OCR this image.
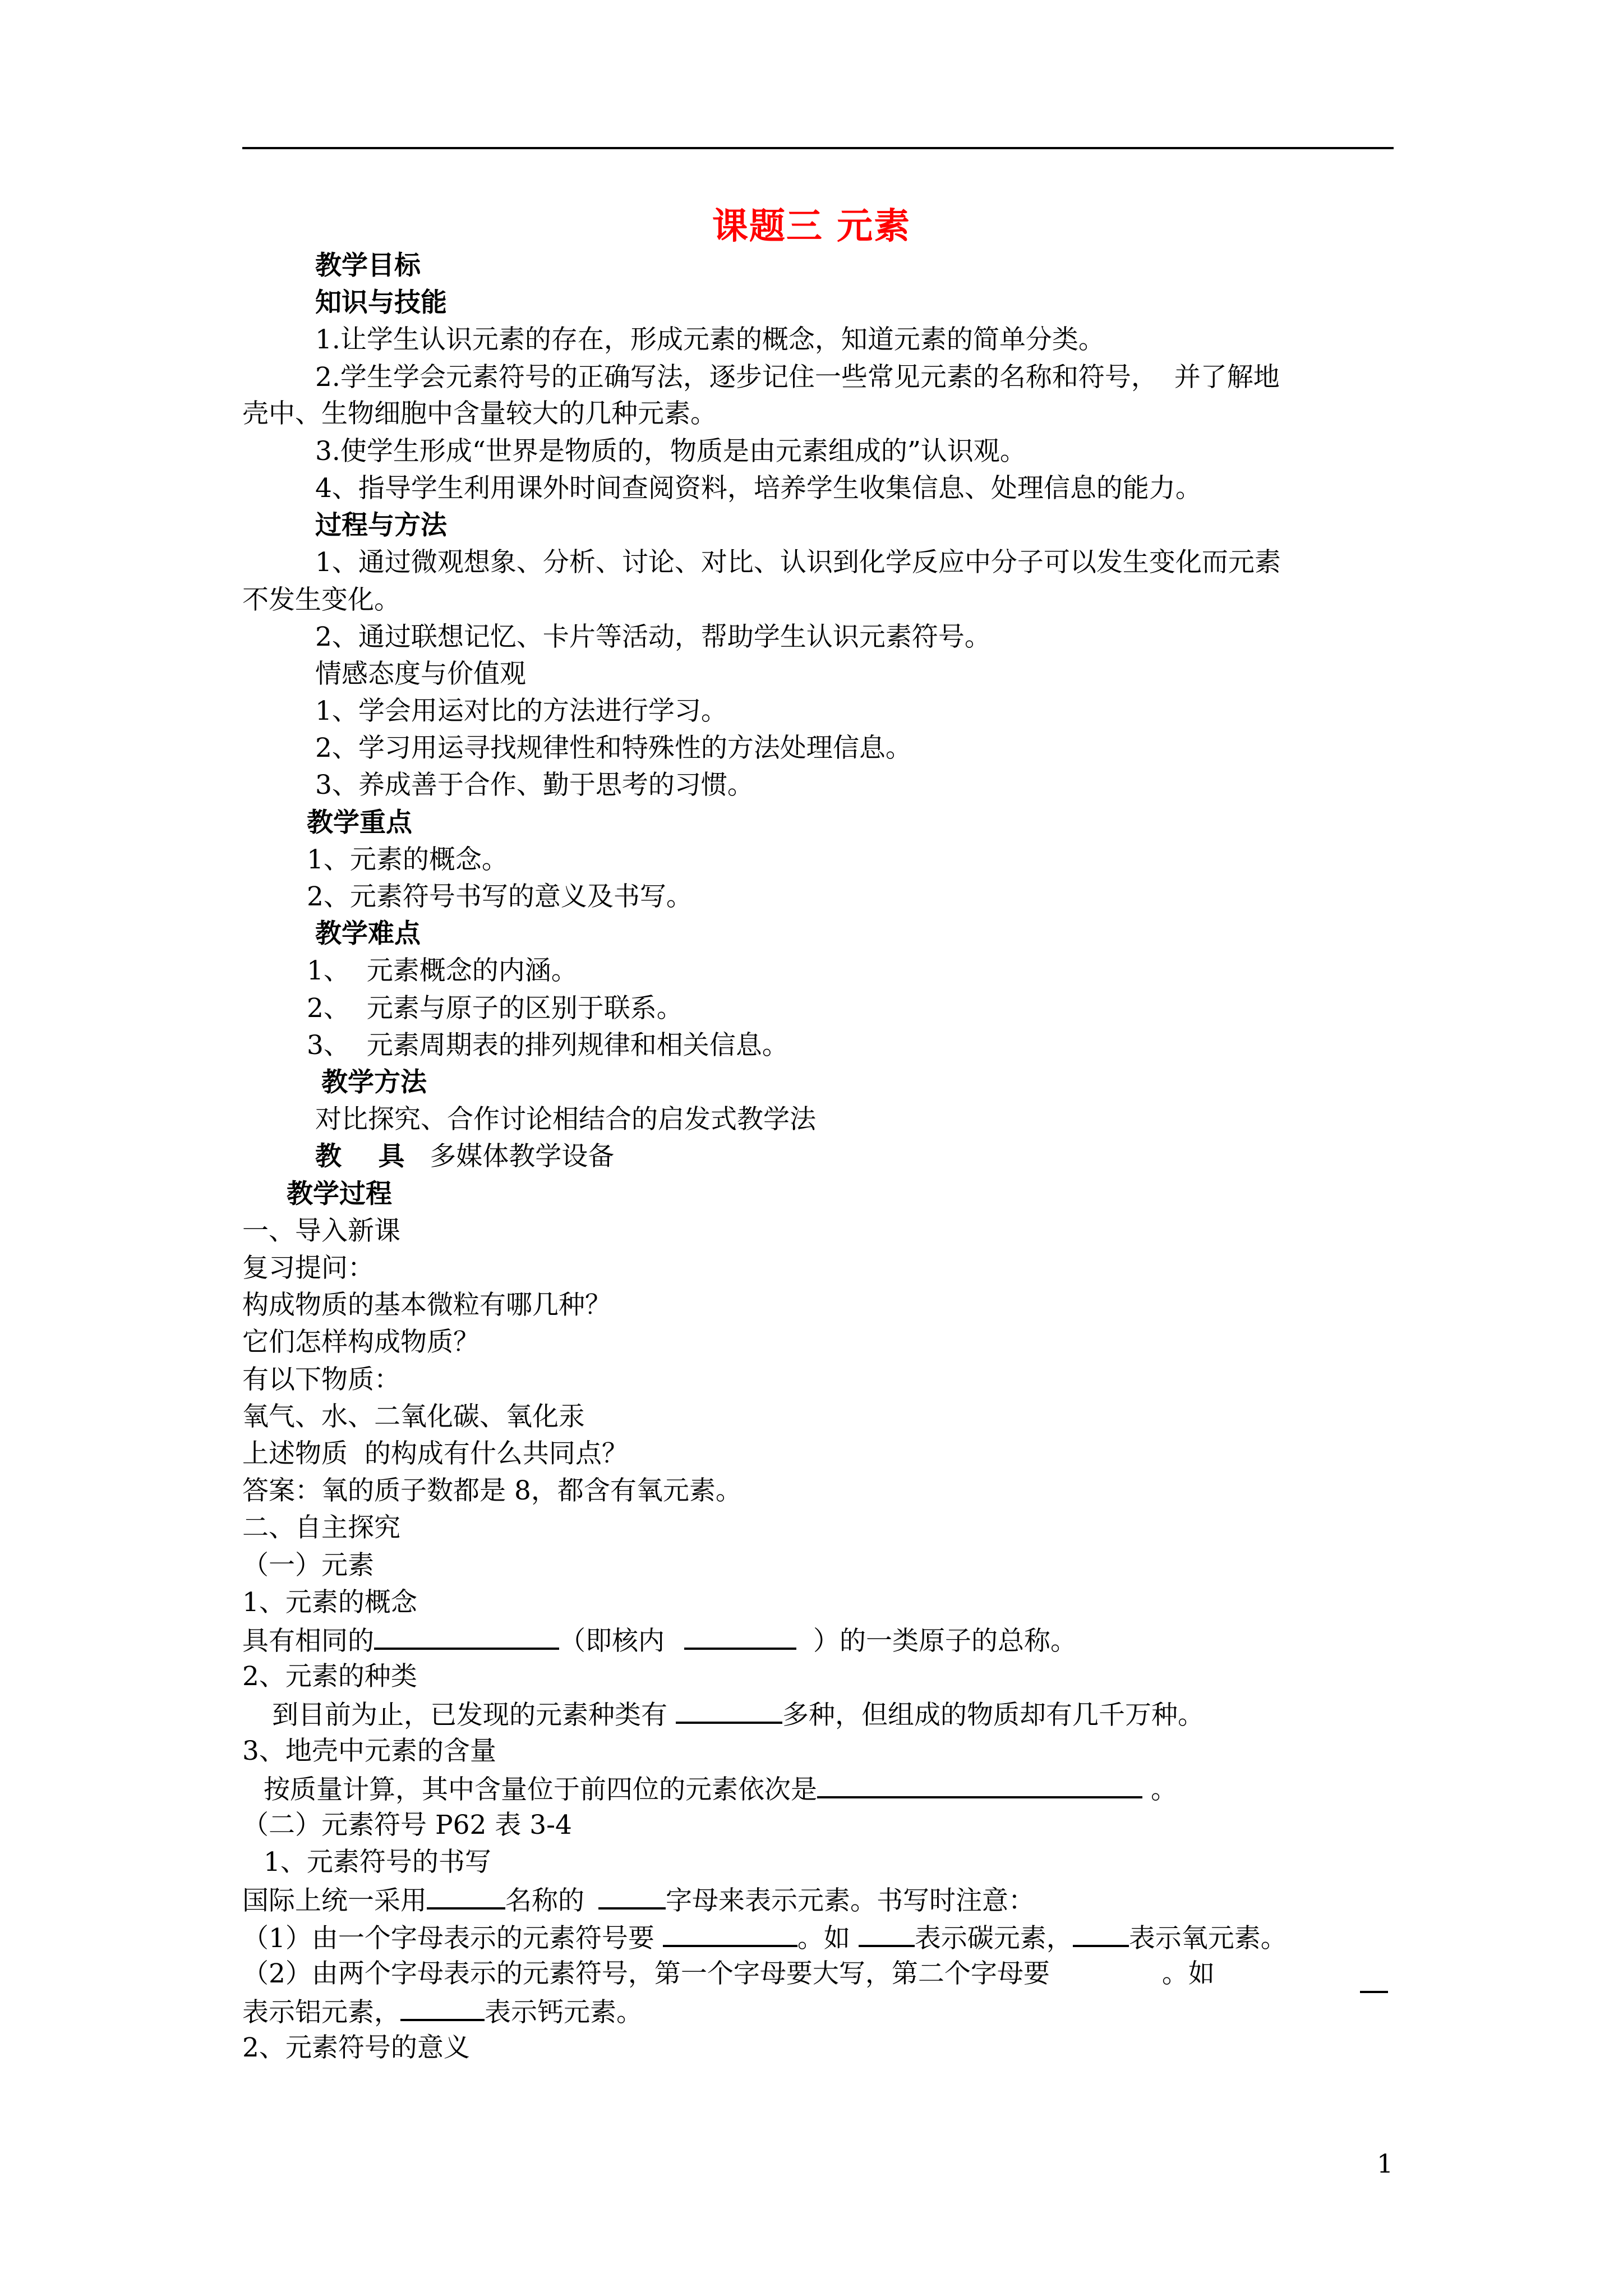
课题三 元素
教学目标
知识与技能
1.让学生认识元素的存在，形成元素的概念，知道元素的简单分类。
2.学生学会元素符号的正确写法，逐步记住一些常见元素的名称和符号，  并了解地
壳中、生物细胞中含量较大的几种元素。
3.使学生形成“世界是物质的，物质是由元素组成的”认识观。
4、指导学生利用课外时间查阅资料，培养学生收集信息、处理信息的能力。
过程与方法
1、通过微观想象、分析、讨论、对比、认识到化学反应中分子可以发生变化而元素
不发生变化。
2、通过联想记忆、卡片等活动，帮助学生认识元素符号。
情感态度与价值观
1、学会用运对比的方法进行学习。
2、学习用运寻找规律性和特殊性的方法处理信息。
3、养成善于合作、勤于思考的习惯。
教学重点
1、元素的概念。
2、元素符号书写的意义及书写。
教学难点
1、  元素概念的内涵。
2、  元素与原子的区别于联系。
3、  元素周期表的排列规律和相关信息。
教学方法
对比探究、合作讨论相结合的启发式教学法
教    具 多媒体教学设备
教学过程
一、导入新课
复习提问：
构成物质的基本微粒有哪几种？
它们怎样构成物质？
有以下物质：
氧气、水、二氧化碳、氧化汞
上述物质  的构成有什么共同点？
答案：氧的质子数都是 8，都含有氧元素。
二、自主探究
（一）元素
1、元素的概念
具有相同的	（即核内	）的一类原子的总称。
2、元素的种类
到目前为止，已发现的元素种类有	多种，但组成的物质却有几千万种。
3、地壳中元素的含量
按质量计算，其中含量位于前四位的元素依次是	。
（二）元素符号 P62 表 3-4
1、元素符号的书写
国际上统一采用	名称的	字母来表示元素。书写时注意：
（1）由一个字母表示的元素符号要	。如 表示碳元素， 表示氧元素。
（2）由两个字母表示的元素符号，第一个字母要大写，第二个字母要	。如
表示铝元素，	表示钙元素。
2、元素符号的意义
1
